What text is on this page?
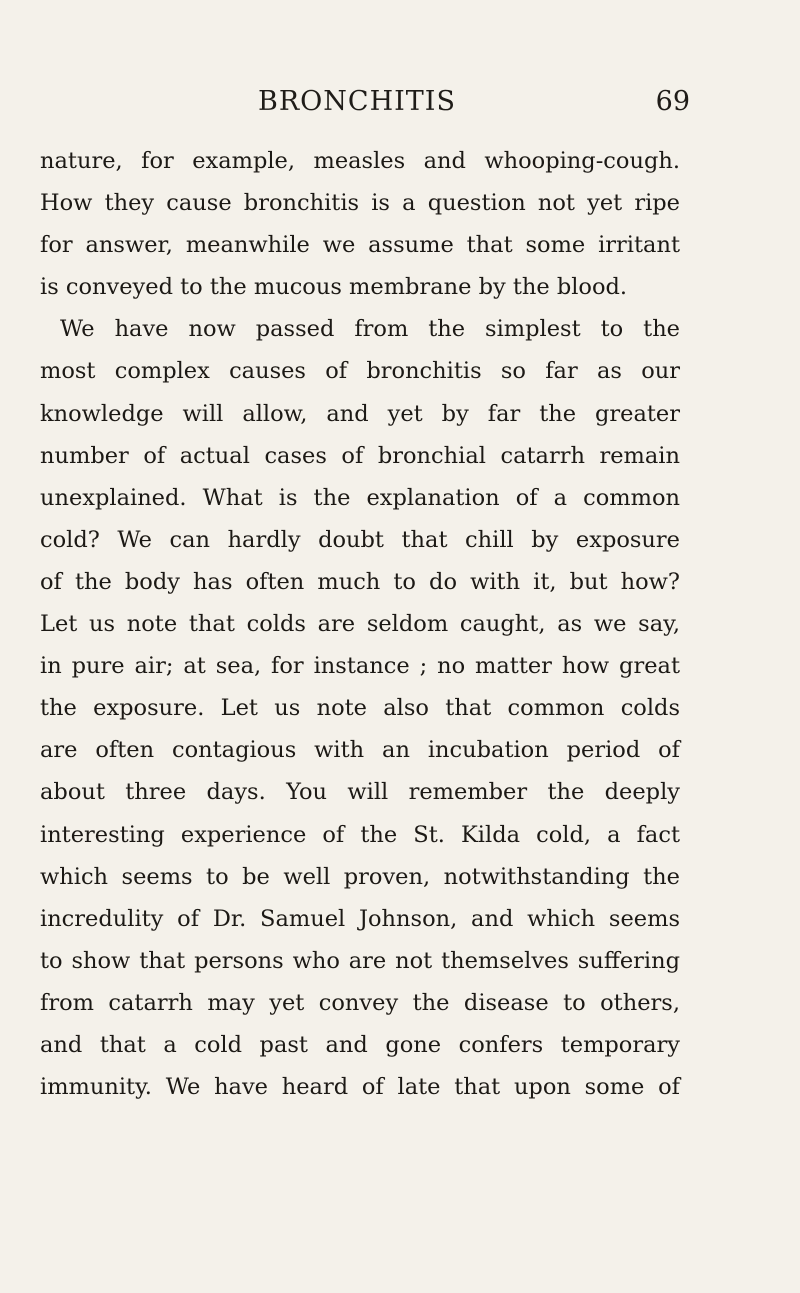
BRONCHITIS	69
nature, for example, measles and whooping-cough.
How they cause bronchitis is a question not yet ripe
for answer, meanwhile we assume that some irritant
is conveyed to the mucous membrane by the blood.
We have now passed from the simplest to the
most complex causes of bronchitis so far as our
knowledge will allow, and yet by far the greater
number of actual cases of bronchial catarrh remain
unexplained. What is the explanation of a common
cold? We can hardly doubt that chill by exposure
of the body has often much to do with it, but how?
Let us note that colds are seldom caught, as we say,
in pure air; at sea, for instance ; no matter how great
the exposure. Let us note also that common colds
are often contagious with an incubation period of
about three days. You will remember the deeply
interesting experience of the St. Kilda cold, a fact
which seems to be well proven, notwithstanding the
incredulity of Dr. Samuel Johnson, and which seems
to show that persons who are not themselves suffering
from catarrh may yet convey the disease to others,
and that a cold past and gone confers temporary
immunity. We have heard of late that upon some of
